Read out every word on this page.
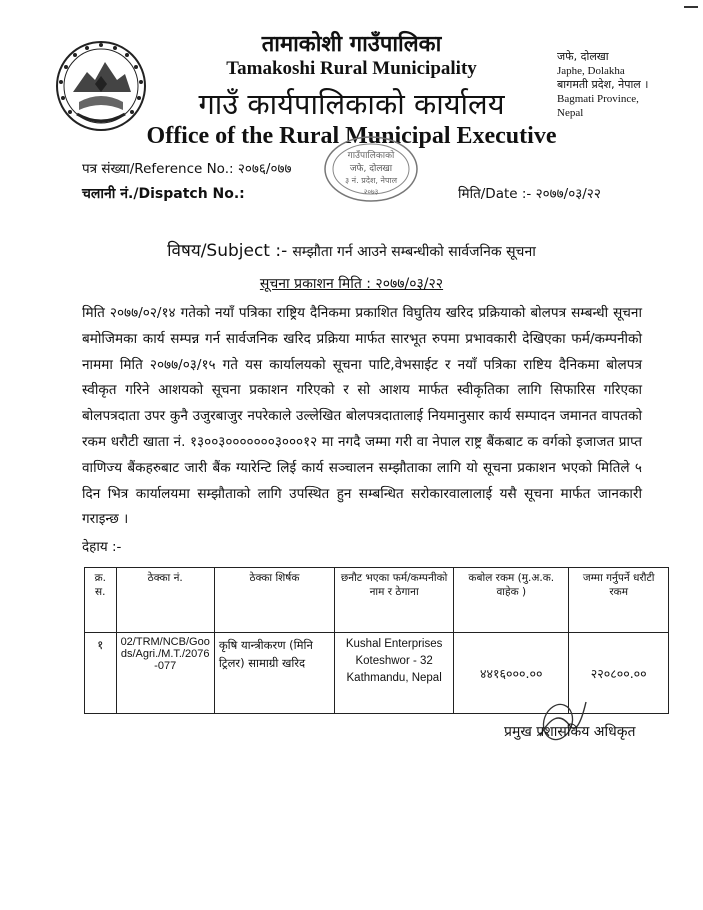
तामाकोशी गाउँपालिका
Tamakoshi Rural Municipality
गाउँ कार्यपालिकाको कार्यालय
Office of the Rural Municipal Executive
जफे, दोलखा
Japhe, Dolakha
बागमती प्रदेश, नेपाल ।
Bagmati Province,
Nepal
गाउँपालिकाको
जफे, दोलखा
३ नं. प्रदेश, नेपाल
२०७३
पत्र संख्या/Reference No.: २०७६/०७७
चलानी नं./Dispatch No.:	मिति/Date :- २०७७/०३/२२
विषय/Subject :- सम्झौता गर्न आउने सम्बन्धीको सार्वजनिक सूचना
सूचना प्रकाशन मिति : २०७७/०३/२२
मिति २०७७/०२/१४ गतेको नयाँ पत्रिका राष्ट्रिय दैनिकमा प्रकाशित विघुतिय खरिद प्रक्रियाको बोलपत्र सम्बन्धी सूचना बमोजिमका कार्य सम्पन्न गर्न सार्वजनिक खरिद प्रक्रिया मार्फत सारभूत रुपमा प्रभावकारी देखिएका फर्म/कम्पनीको नाममा मिति २०७७/०३/१५ गते यस कार्यालयको सूचना पाटि,वेभसाईट र नयाँ पत्रिका राष्टिय दैनिकमा बोलपत्र स्वीकृत गरिने आशयको सूचना प्रकाशन गरिएको र सो आशय मार्फत स्वीकृतिका लागि सिफारिस गरिएका बोलपत्रदाता उपर कुनै उजुरबाजुर नपरेकाले उल्लेखित बोलपत्रदातालाई नियमानुसार कार्य सम्पादन जमानत वापतको रकम धरौटी खाता नं. १३००३०००००००३०००१२ मा नगदै जम्मा गरी वा नेपाल राष्ट्र बैंकबाट क वर्गको इजाजत प्राप्त वाणिज्य बैंकहरुबाट जारी बैंक ग्यारेन्टि लिई कार्य सञ्चालन सम्झौताका लागि यो सूचना प्रकाशन भएको मितिले ५ दिन भित्र कार्यालयमा सम्झौताको लागि उपस्थित हुन सम्बन्धित सरोकारवालालाई यसै सूचना मार्फत जानकारी गराइन्छ ।
देहाय :-
क्र. स.	ठेक्का नं.	ठेक्का शिर्षक	छनौट भएका फर्म/कम्पनीको नाम र ठेगाना	कबोल रकम (मु.अ.क. वाहेक )	जम्मा गर्नुपर्ने धरौटी रकम
१	02/TRM/NCB/Goods/Agri./M.T./2076-077	कृषि यान्त्रीकरण (मिनि ट्रिलर) सामाग्री खरिद	Kushal Enterprises
Koteshwor - 32 Kathmandu, Nepal	४४१६०००.००	२२०८००.००
प्रमुख प्रशासकिय अधिकृत
